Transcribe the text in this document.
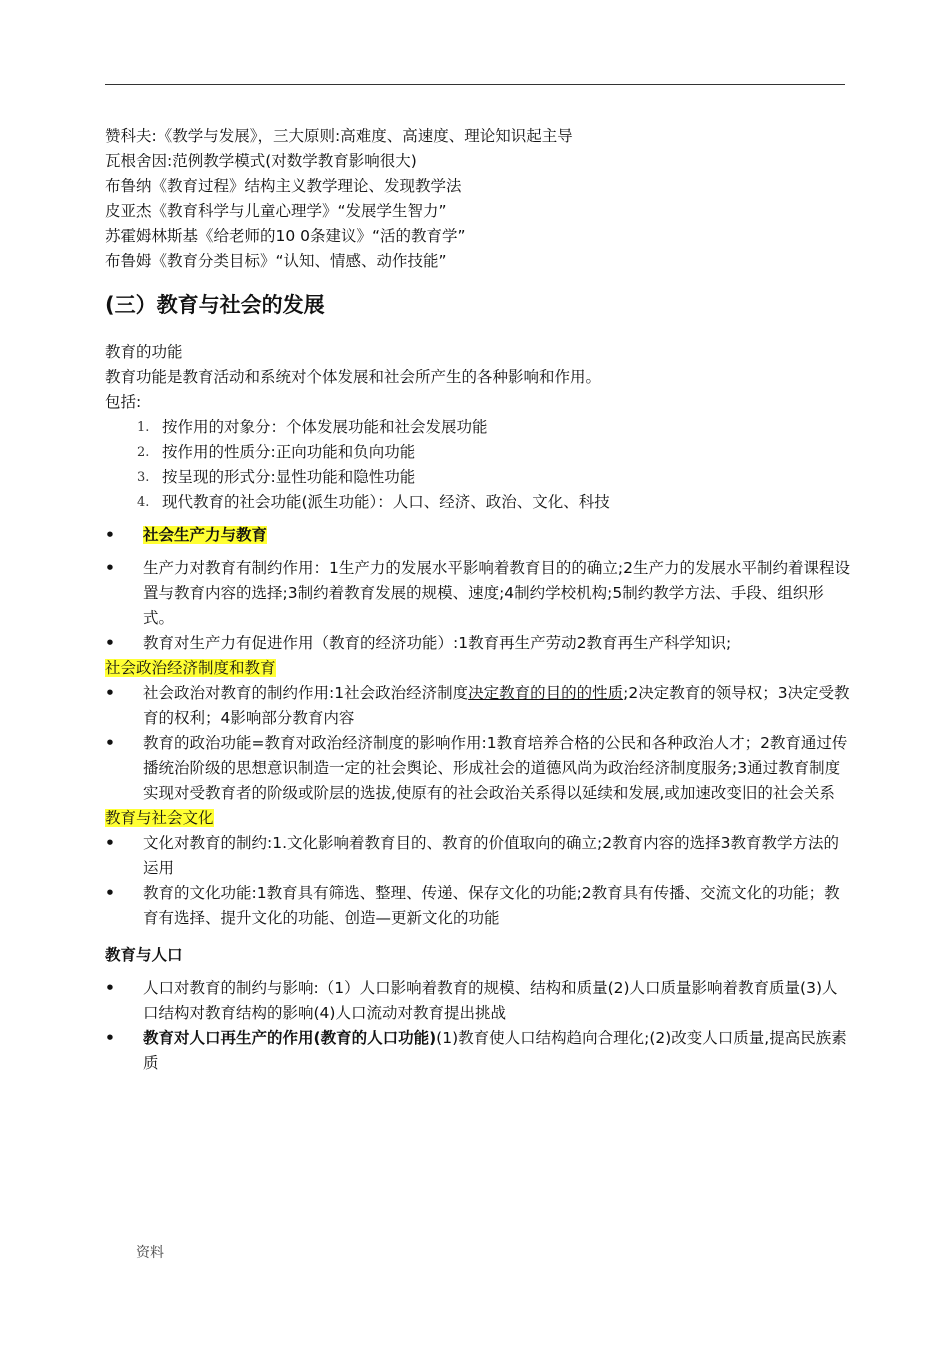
赞科夫:《教学与发展》，三大原则:高难度、高速度、理论知识起主导
瓦根舍因:范例教学模式(对数学教育影响很大)
布鲁纳《教育过程》结构主义教学理论、发现教学法
皮亚杰《教育科学与儿童心理学》“发展学生智力”
苏霍姆林斯基《给老师的10 0条建议》“活的教育学”
布鲁姆《教育分类目标》“认知、情感、动作技能”
(三）教育与社会的发展
教育的功能
教育功能是教育活动和系统对个体发展和社会所产生的各种影响和作用。
包括:
1. 按作用的对象分：个体发展功能和社会发展功能
2. 按作用的性质分:正向功能和负向功能
3. 按呈现的形式分:显性功能和隐性功能
4. 现代教育的社会功能(派生功能）：人口、经济、政治、文化、科技
• 社会生产力与教育
• 生产力对教育有制约作用：1生产力的发展水平影响着教育目的的确立;2生产力的发展水平制约着课程设置与教育内容的选择;3制约着教育发展的规模、速度;4制约学校机构;5制约教学方法、手段、组织形式。
• 教育对生产力有促进作用（教育的经济功能）:1教育再生产劳动2教育再生产科学知识;
社会政治经济制度和教育
• 社会政治对教育的制约作用:1社会政治经济制度决定教育的目的的性质;2决定教育的领导权；3决定受教育的权利；4影响部分教育内容
• 教育的政治功能=教育对政治经济制度的影响作用:1教育培养合格的公民和各种政治人才；2教育通过传播统治阶级的思想意识制造一定的社会舆论、形成社会的道德风尚为政治经济制度服务;3通过教育制度实现对受教育者的阶级或阶层的选拔,使原有的社会政治关系得以延续和发展,或加速改变旧的社会关系
教育与社会文化
• 文化对教育的制约:1.文化影响着教育目的、教育的价值取向的确立;2教育内容的选择3教育教学方法的运用
• 教育的文化功能:1教育具有筛选、整理、传递、保存文化的功能;2教育具有传播、交流文化的功能；教育有选择、提升文化的功能、创造—更新文化的功能
教育与人口
• 人口对教育的制约与影响:（1）人口影响着教育的规模、结构和质量(2)人口质量影响着教育质量(3)人口结构对教育结构的影响(4)人口流动对教育提出挑战
• 教育对人口再生产的作用(教育的人口功能)(1)教育使人口结构趋向合理化;(2)改变人口质量,提高民族素质
资料
